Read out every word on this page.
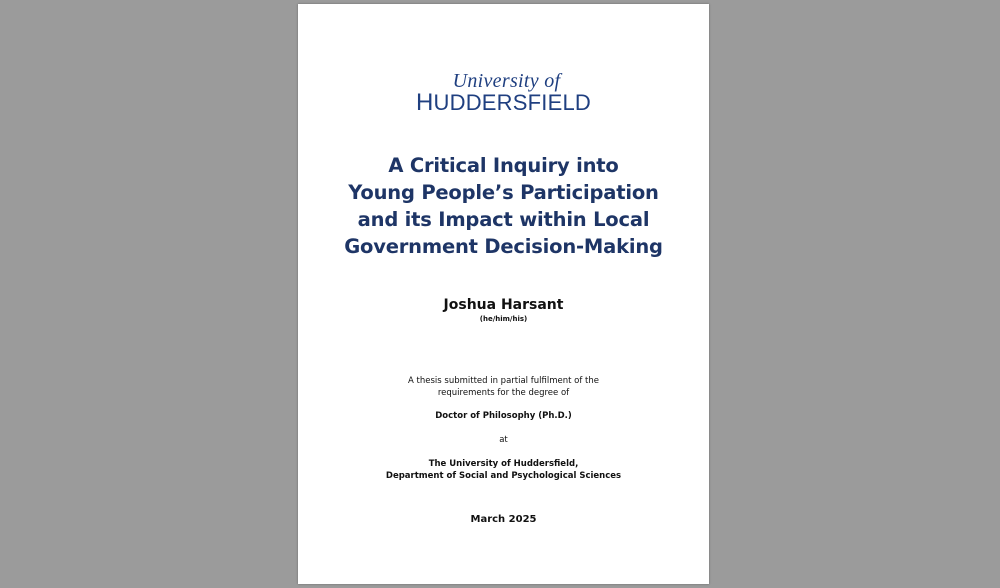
University of
HUDDERSFIELD
A Critical Inquiry into
Young People’s Participation
and its Impact within Local
Government Decision-Making
Joshua Harsant
(he/him/his)
A thesis submitted in partial fulfilment of the
requirements for the degree of
Doctor of Philosophy (Ph.D.)
at
The University of Huddersfield,
Department of Social and Psychological Sciences
March 2025
